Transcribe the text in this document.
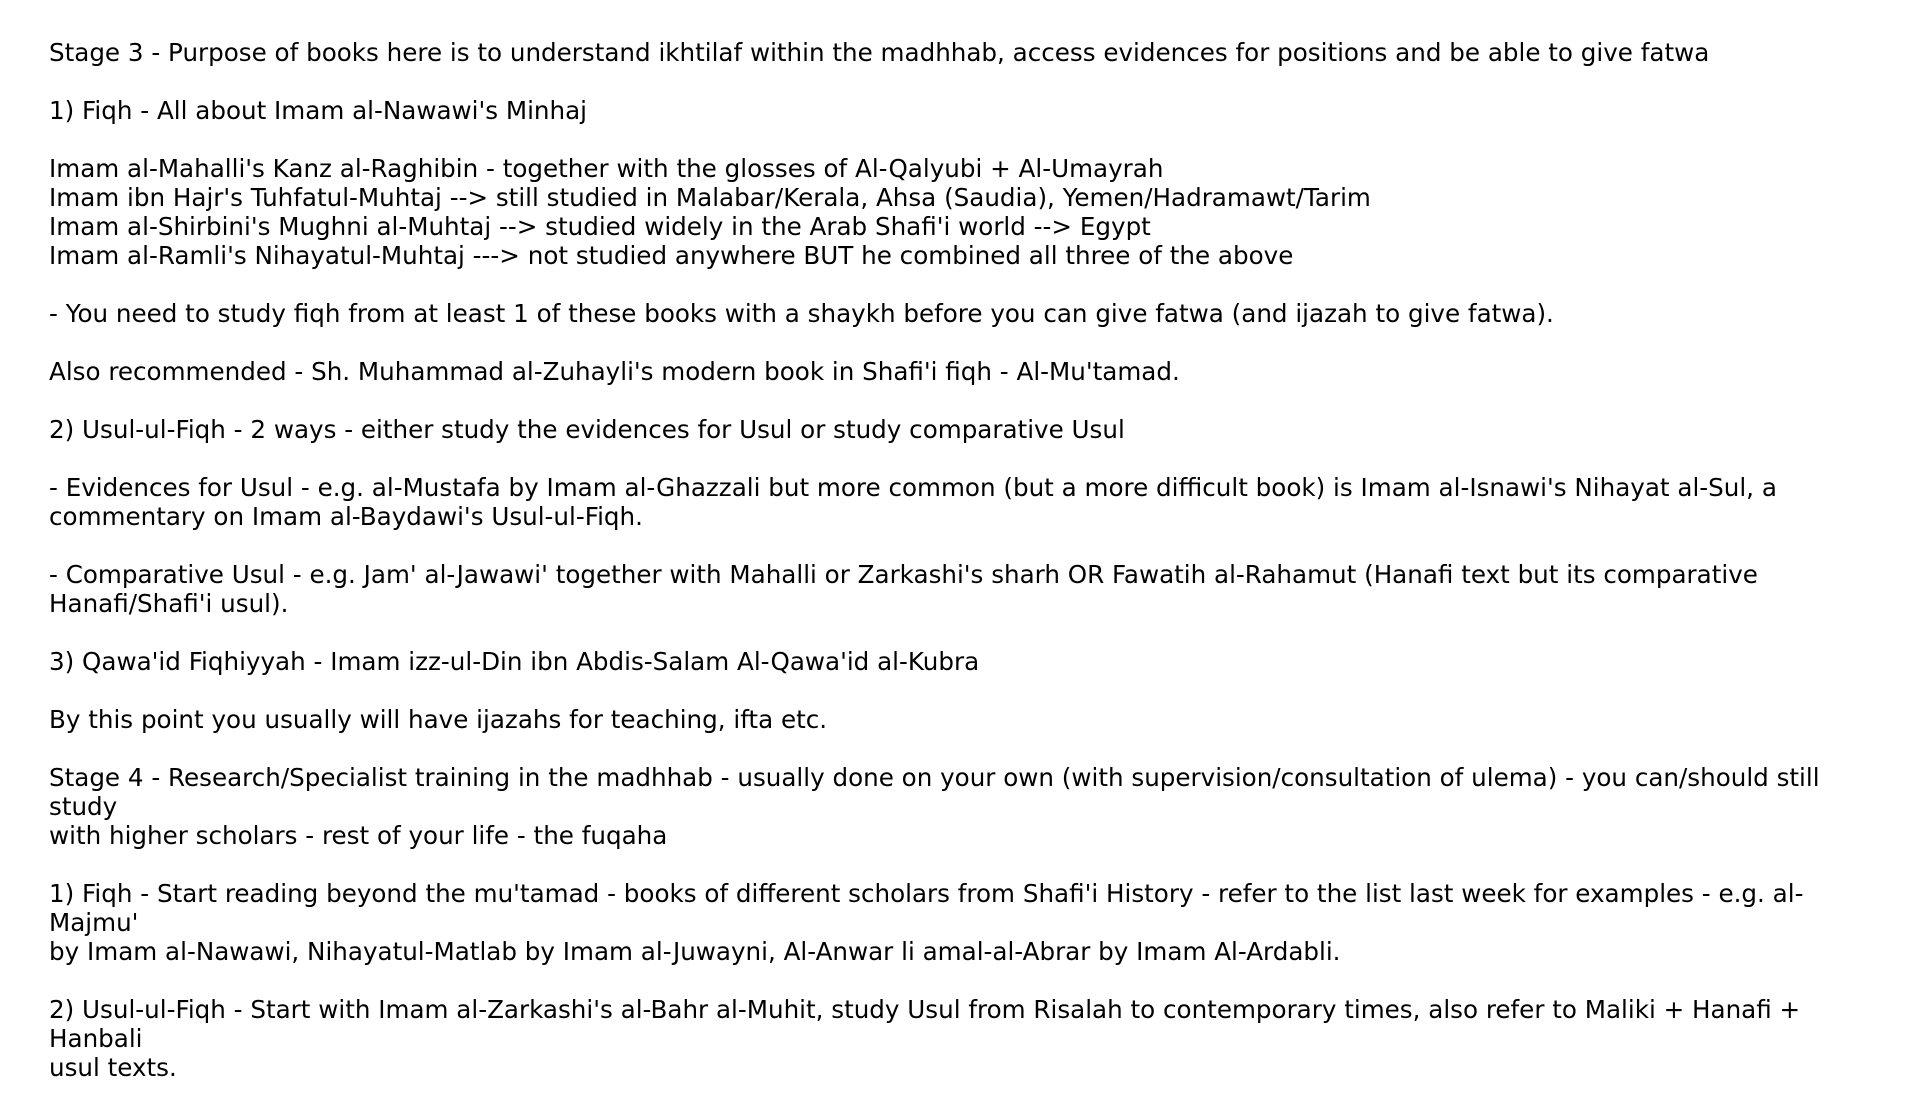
Stage 3 - Purpose of books here is to understand ikhtilaf within the madhhab, access evidences for positions and be able to give fatwa
1) Fiqh - All about Imam al-Nawawi's Minhaj
Imam al-Mahalli's Kanz al-Raghibin - together with the glosses of Al-Qalyubi + Al-Umayrah
Imam ibn Hajr's Tuhfatul-Muhtaj --> still studied in Malabar/Kerala, Ahsa (Saudia), Yemen/Hadramawt/Tarim
Imam al-Shirbini's Mughni al-Muhtaj --> studied widely in the Arab Shafi'i world --> Egypt
Imam al-Ramli's Nihayatul-Muhtaj ---> not studied anywhere BUT he combined all three of the above
- You need to study fiqh from at least 1 of these books with a shaykh before you can give fatwa (and ijazah to give fatwa).
Also recommended - Sh. Muhammad al-Zuhayli's modern book in Shafi'i fiqh - Al-Mu'tamad.
2) Usul-ul-Fiqh - 2 ways - either study the evidences for Usul or study comparative Usul
- Evidences for Usul - e.g. al-Mustafa by Imam al-Ghazzali but more common (but a more difficult book) is Imam al-Isnawi's Nihayat al-Sul, a
commentary on Imam al-Baydawi's Usul-ul-Fiqh.
- Comparative Usul - e.g. Jam' al-Jawawi' together with Mahalli or Zarkashi's sharh OR Fawatih al-Rahamut (Hanafi text but its comparative
Hanafi/Shafi'i usul).
3) Qawa'id Fiqhiyyah - Imam izz-ul-Din ibn Abdis-Salam Al-Qawa'id al-Kubra
By this point you usually will have ijazahs for teaching, ifta etc.
Stage 4 - Research/Specialist training in the madhhab - usually done on your own (with supervision/consultation of ulema) - you can/should still study
with higher scholars - rest of your life - the fuqaha
1) Fiqh - Start reading beyond the mu'tamad - books of different scholars from Shafi'i History - refer to the list last week for examples - e.g. al-Majmu'
by Imam al-Nawawi, Nihayatul-Matlab by Imam al-Juwayni, Al-Anwar li amal-al-Abrar by Imam Al-Ardabli.
2) Usul-ul-Fiqh - Start with Imam al-Zarkashi's al-Bahr al-Muhit, study Usul from Risalah to contemporary times, also refer to Maliki + Hanafi + Hanbali
usul texts.
